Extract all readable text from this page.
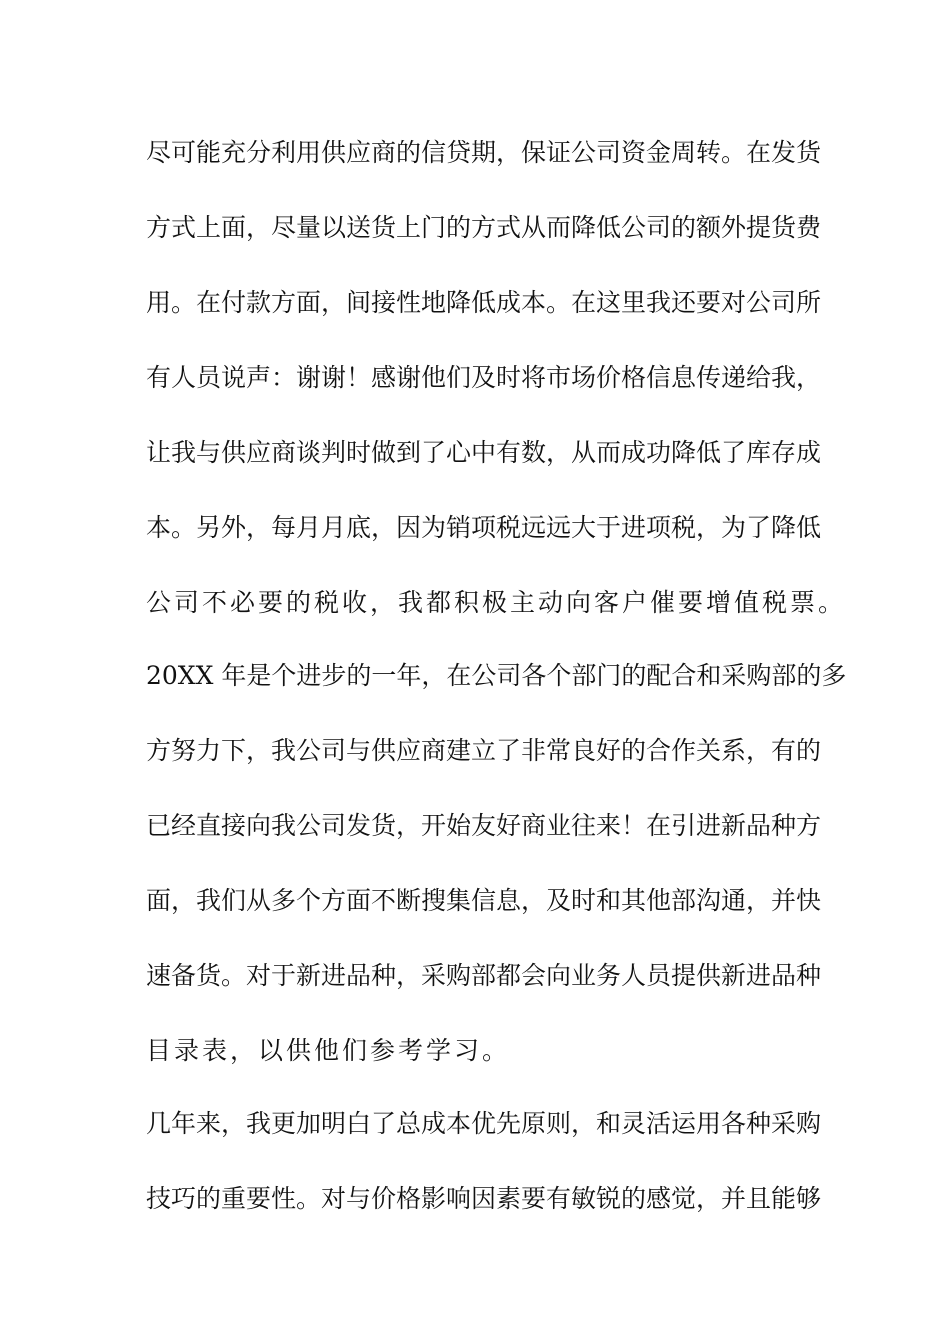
尽可能充分利用供应商的信贷期，保证公司资金周转。在发货
方式上面，尽量以送货上门的方式从而降低公司的额外提货费
用。在付款方面，间接性地降低成本。在这里我还要对公司所
有人员说声：谢谢！感谢他们及时将市场价格信息传递给我，
让我与供应商谈判时做到了心中有数，从而成功降低了库存成
本。另外，每月月底，因为销项税远远大于进项税，为了降低
公司不必要的税收，我都积极主动向客户催要增值税票。
20XX 年是个进步的一年，在公司各个部门的配合和采购部的多
方努力下，我公司与供应商建立了非常良好的合作关系，有的
已经直接向我公司发货，开始友好商业往来！在引进新品种方
面，我们从多个方面不断搜集信息，及时和其他部沟通，并快
速备货。对于新进品种，采购部都会向业务人员提供新进品种
目录表，以供他们参考学习。
几年来，我更加明白了总成本优先原则，和灵活运用各种采购
技巧的重要性。对与价格影响因素要有敏锐的感觉，并且能够
